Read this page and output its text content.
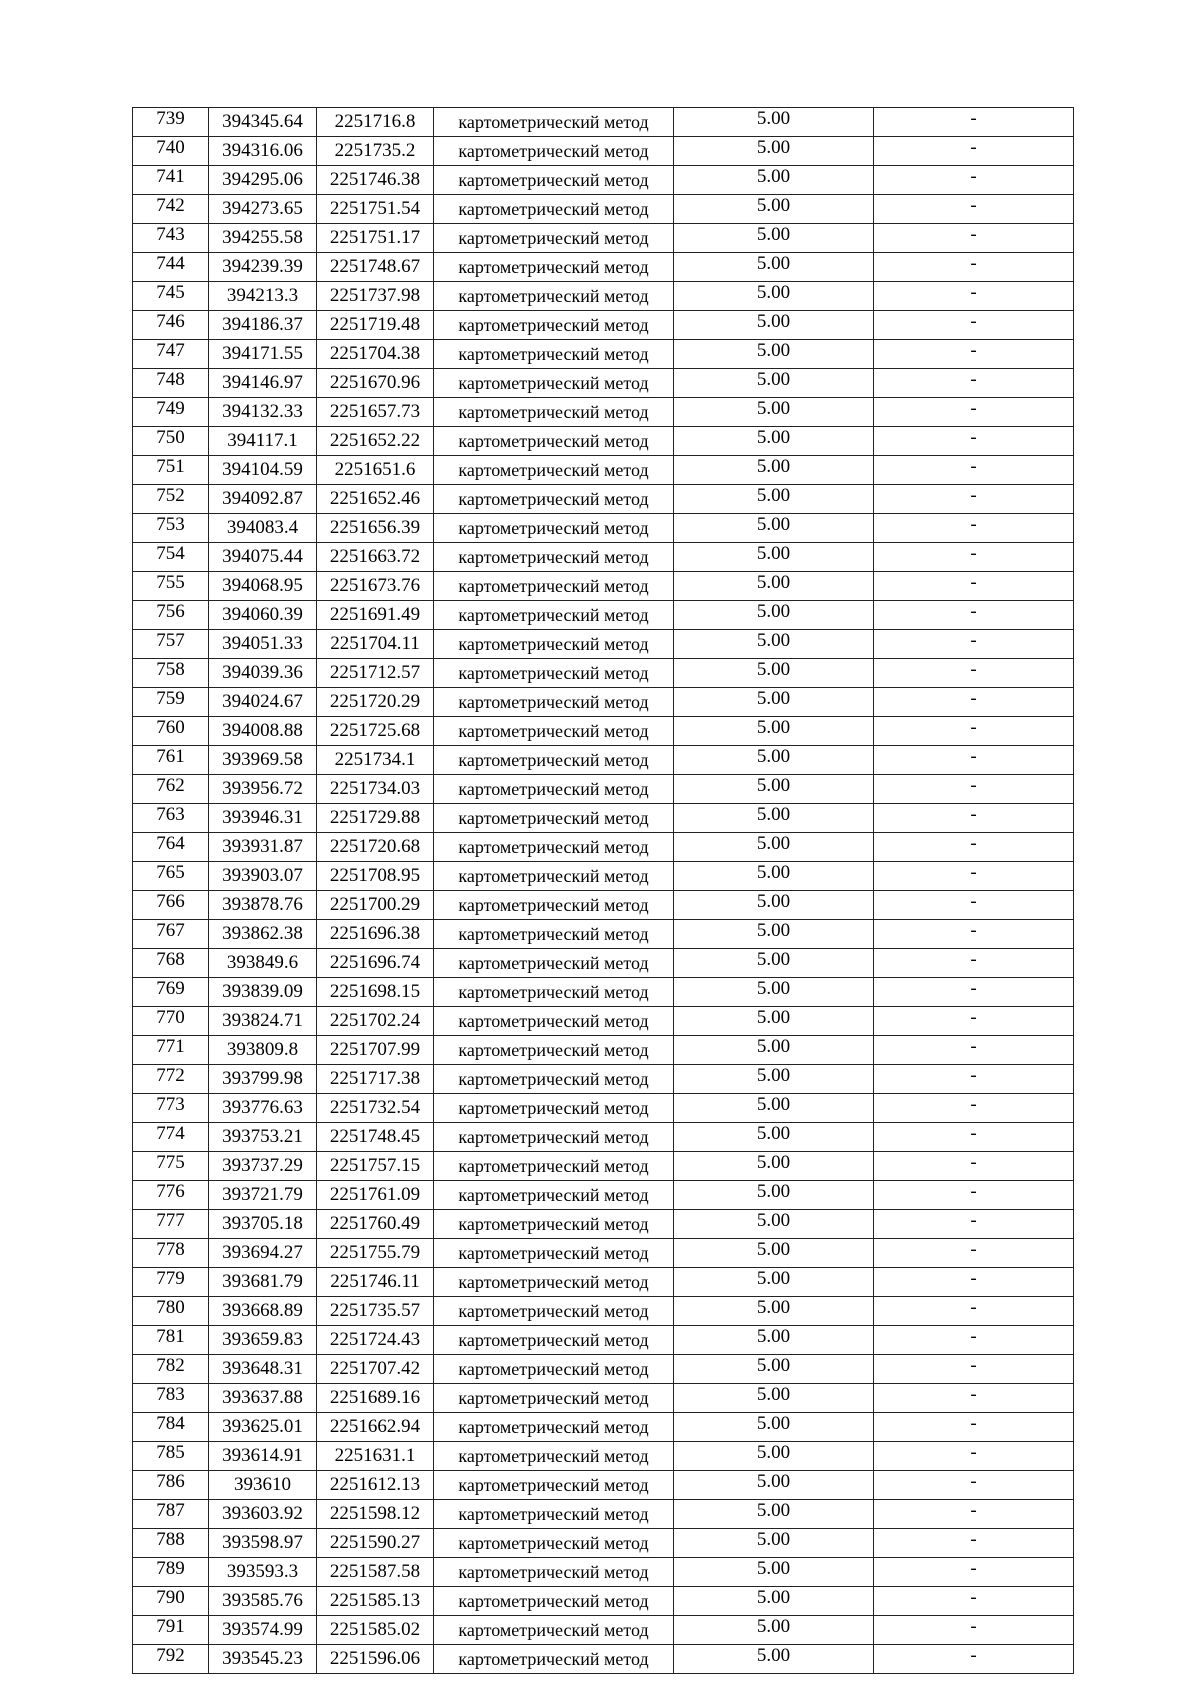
739	394345.64	2251716.8	картометрический метод	5.00	-
740	394316.06	2251735.2	картометрический метод	5.00	-
741	394295.06	2251746.38	картометрический метод	5.00	-
742	394273.65	2251751.54	картометрический метод	5.00	-
743	394255.58	2251751.17	картометрический метод	5.00	-
744	394239.39	2251748.67	картометрический метод	5.00	-
745	394213.3	2251737.98	картометрический метод	5.00	-
746	394186.37	2251719.48	картометрический метод	5.00	-
747	394171.55	2251704.38	картометрический метод	5.00	-
748	394146.97	2251670.96	картометрический метод	5.00	-
749	394132.33	2251657.73	картометрический метод	5.00	-
750	394117.1	2251652.22	картометрический метод	5.00	-
751	394104.59	2251651.6	картометрический метод	5.00	-
752	394092.87	2251652.46	картометрический метод	5.00	-
753	394083.4	2251656.39	картометрический метод	5.00	-
754	394075.44	2251663.72	картометрический метод	5.00	-
755	394068.95	2251673.76	картометрический метод	5.00	-
756	394060.39	2251691.49	картометрический метод	5.00	-
757	394051.33	2251704.11	картометрический метод	5.00	-
758	394039.36	2251712.57	картометрический метод	5.00	-
759	394024.67	2251720.29	картометрический метод	5.00	-
760	394008.88	2251725.68	картометрический метод	5.00	-
761	393969.58	2251734.1	картометрический метод	5.00	-
762	393956.72	2251734.03	картометрический метод	5.00	-
763	393946.31	2251729.88	картометрический метод	5.00	-
764	393931.87	2251720.68	картометрический метод	5.00	-
765	393903.07	2251708.95	картометрический метод	5.00	-
766	393878.76	2251700.29	картометрический метод	5.00	-
767	393862.38	2251696.38	картометрический метод	5.00	-
768	393849.6	2251696.74	картометрический метод	5.00	-
769	393839.09	2251698.15	картометрический метод	5.00	-
770	393824.71	2251702.24	картометрический метод	5.00	-
771	393809.8	2251707.99	картометрический метод	5.00	-
772	393799.98	2251717.38	картометрический метод	5.00	-
773	393776.63	2251732.54	картометрический метод	5.00	-
774	393753.21	2251748.45	картометрический метод	5.00	-
775	393737.29	2251757.15	картометрический метод	5.00	-
776	393721.79	2251761.09	картометрический метод	5.00	-
777	393705.18	2251760.49	картометрический метод	5.00	-
778	393694.27	2251755.79	картометрический метод	5.00	-
779	393681.79	2251746.11	картометрический метод	5.00	-
780	393668.89	2251735.57	картометрический метод	5.00	-
781	393659.83	2251724.43	картометрический метод	5.00	-
782	393648.31	2251707.42	картометрический метод	5.00	-
783	393637.88	2251689.16	картометрический метод	5.00	-
784	393625.01	2251662.94	картометрический метод	5.00	-
785	393614.91	2251631.1	картометрический метод	5.00	-
786	393610	2251612.13	картометрический метод	5.00	-
787	393603.92	2251598.12	картометрический метод	5.00	-
788	393598.97	2251590.27	картометрический метод	5.00	-
789	393593.3	2251587.58	картометрический метод	5.00	-
790	393585.76	2251585.13	картометрический метод	5.00	-
791	393574.99	2251585.02	картометрический метод	5.00	-
792	393545.23	2251596.06	картометрический метод	5.00	-
